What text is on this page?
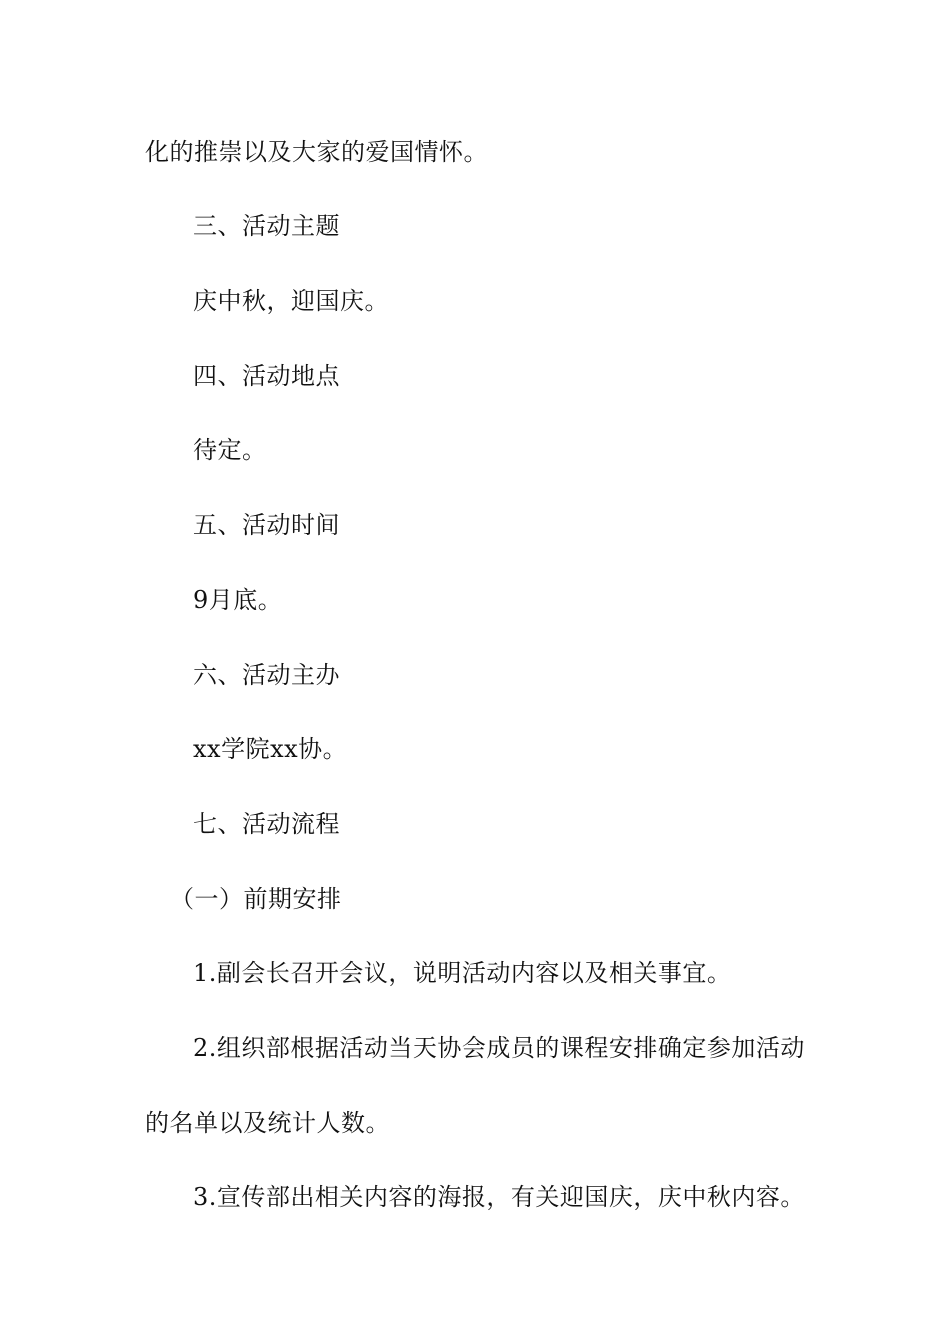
化的推崇以及大家的爱国情怀。
三、活动主题
庆中秋，迎国庆。
四、活动地点
待定。
五、活动时间
9月底。
六、活动主办
xx学院xx协。
七、活动流程
（一）前期安排
1.副会长召开会议，说明活动内容以及相关事宜。
2.组织部根据活动当天协会成员的课程安排确定参加活动
的名单以及统计人数。
3.宣传部出相关内容的海报，有关迎国庆，庆中秋内容。
